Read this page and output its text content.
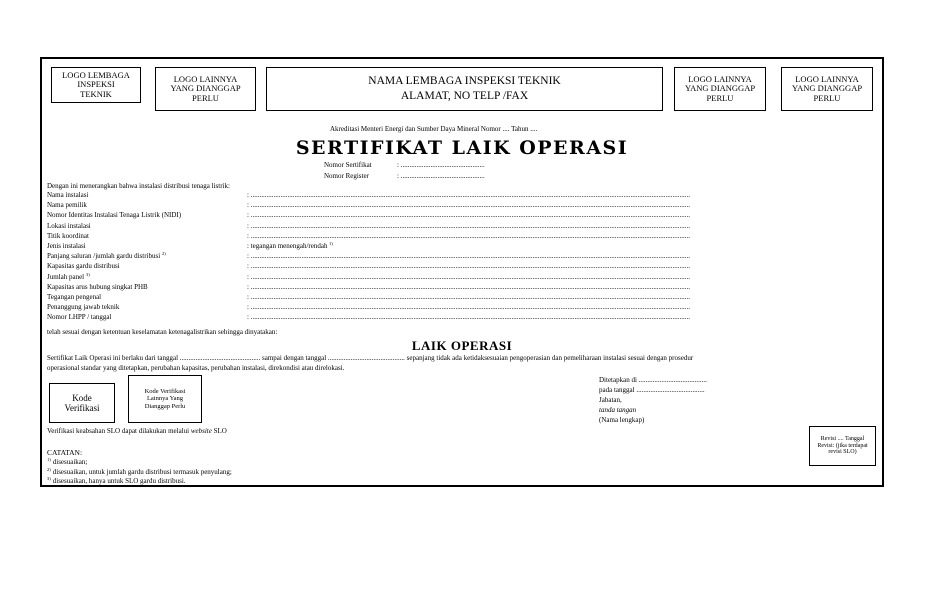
LOGO LEMBAGA INSPEKSI TEKNIK
LOGO LAINNYA YANG DIANGGAP PERLU
NAMA LEMBAGA INSPEKSI TEKNIK
ALAMAT, NO TELP /FAX
LOGO LAINNYA YANG DIANGGAP PERLU
LOGO LAINNYA YANG DIANGGAP PERLU
Akreditasi Menteri Energi dan Sumber Daya Mineral Nomor .... Tahun ....
SERTIFIKAT LAIK OPERASI
Nomor Sertifikat	: ................................................
Nomor Register	: ................................................
Dengan ini menerangkan bahwa instalasi distribusi tenaga listrik:
Nama instalasi	: ...........................................................................................................................................................................................................................................................
Nama pemilik	: ...........................................................................................................................................................................................................................................................
Nomor Identitas Instalasi Tenaga Listrik (NIDI)	: ...........................................................................................................................................................................................................................................................
Lokasi instalasi	: ...........................................................................................................................................................................................................................................................
Titik koordinat	: ...........................................................................................................................................................................................................................................................
Jenis instalasi	: tegangan menengah/rendah 1)
Panjang saluran /jumlah gardu distribusi 2)	: ...........................................................................................................................................................................................................................................................
Kapasitas gardu distribusi	: ...........................................................................................................................................................................................................................................................
Jumlah panel 3)	: ...........................................................................................................................................................................................................................................................
Kapasitas arus hubung singkat PHB	: ...........................................................................................................................................................................................................................................................
Tegangan pengenal	: ...........................................................................................................................................................................................................................................................
Penanggung jawab teknik	: ...........................................................................................................................................................................................................................................................
Nomor LHPP / tanggal	: ...........................................................................................................................................................................................................................................................
telah sesuai dengan ketentuan keselamatan ketenagalistrikan sehingga dinyatakan:
LAIK OPERASI
Sertifikat Laik Operasi ini berlaku dari tanggal .............................................. sampai dengan tanggal ............................................ sepanjang tidak ada ketidaksesuaian pengoperasian dan pemeliharaan instalasi sesuai dengan prosedur
operasional standar yang ditetapkan, perubahan kapasitas, perubahan instalasi, direkondisi atau direlokasi.
Kode Verifikasi
Kode Verifikasi Lainnya Yang Dianggap Perlu
Ditetapkan di .......................................
pada tanggal .......................................
Jabatan,
tanda tangan
(Nama lengkap)
Verifikasi keabsahan SLO dapat dilakukan melalui website SLO
Revisi .... Tanggal Revisi: (jika terdapat revisi SLO)
CATATAN:
$^{1)}$ disesuaikan;
$^{2)}$ disesuaikan, untuk jumlah gardu distribusi termasuk penyulang;
$^{3)}$ disesuaikan, hanya untuk SLO gardu distribusi.
